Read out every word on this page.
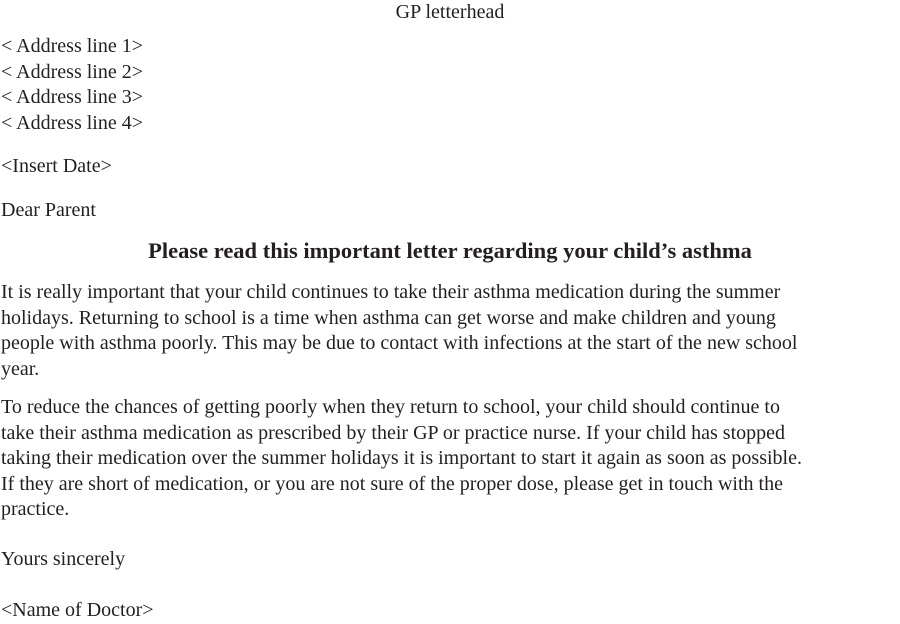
GP letterhead

< Address line 1>
< Address line 2>
< Address line 3>
< Address line 4>

<Insert Date>

Dear Parent

Please read this important letter regarding your child’s asthma

It is really important that your child continues to take their asthma medication during the summer
holidays. Returning to school is a time when asthma can get worse and make children and young
people with asthma poorly. This may be due to contact with infections at the start of the new school
year.

To reduce the chances of getting poorly when they return to school, your child should continue to
take their asthma medication as prescribed by their GP or practice nurse. If your child has stopped
taking their medication over the summer holidays it is important to start it again as soon as possible.
If they are short of medication, or you are not sure of the proper dose, please get in touch with the
practice.

Yours sincerely

<Name of Doctor>
